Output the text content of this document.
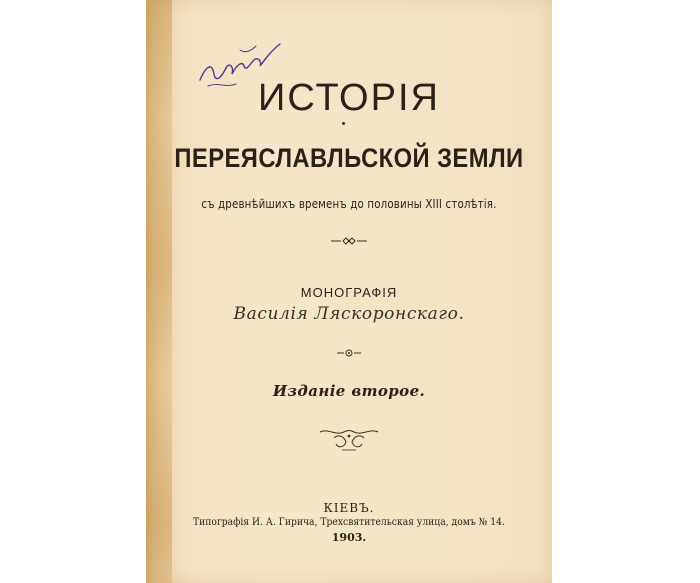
ИСТОРІЯ
ПЕРЕЯСЛАВЛЬСКОЙ ЗЕМЛИ
съ древнѣйшихъ временъ до половины XIII столѣтія.
МОНОГРАФІЯ
Василія Ляскоронскаго.
Изданіе второе.
КІЕВЪ.
Типографія И. А. Гирича, Трехсвятительская улица, домъ № 14.
1903.
